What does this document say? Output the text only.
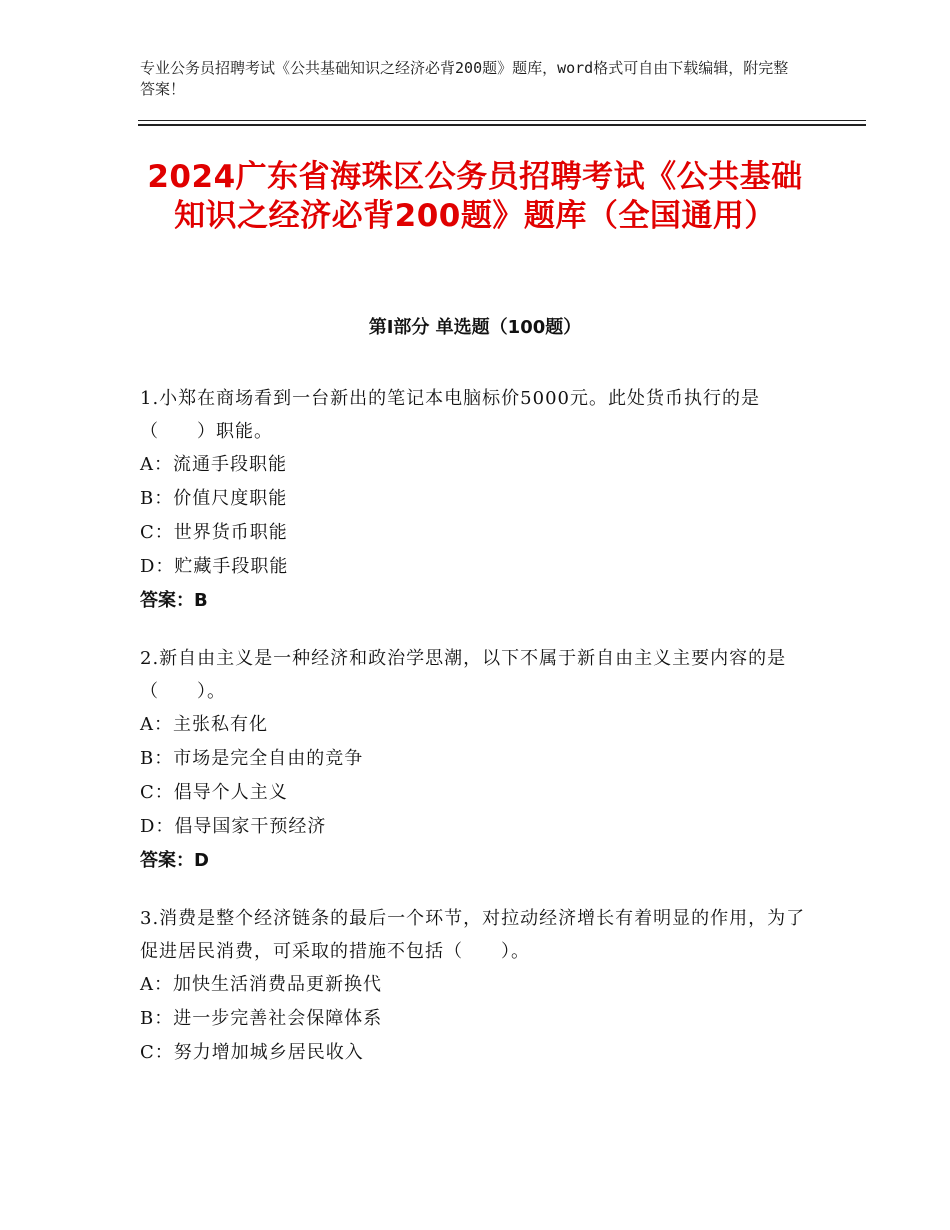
专业公务员招聘考试《公共基础知识之经济必背200题》题库，word格式可自由下载编辑，附完整答案！
2024广东省海珠区公务员招聘考试《公共基础知识之经济必背200题》题库（全国通用）
第Ⅰ部分 单选题（100题）

1.小郑在商场看到一台新出的笔记本电脑标价5000元。此处货币执行的是（　　）职能。

A：流通手段职能

B：价值尺度职能

C：世界货币职能

D：贮藏手段职能

答案：B

2.新自由主义是一种经济和政治学思潮，以下不属于新自由主义主要内容的是（　　）。

A：主张私有化

B：市场是完全自由的竞争

C：倡导个人主义

D：倡导国家干预经济

答案：D

3.消费是整个经济链条的最后一个环节，对拉动经济增长有着明显的作用，为了促进居民消费，可采取的措施不包括（　　）。

A：加快生活消费品更新换代

B：进一步完善社会保障体系

C：努力增加城乡居民收入
